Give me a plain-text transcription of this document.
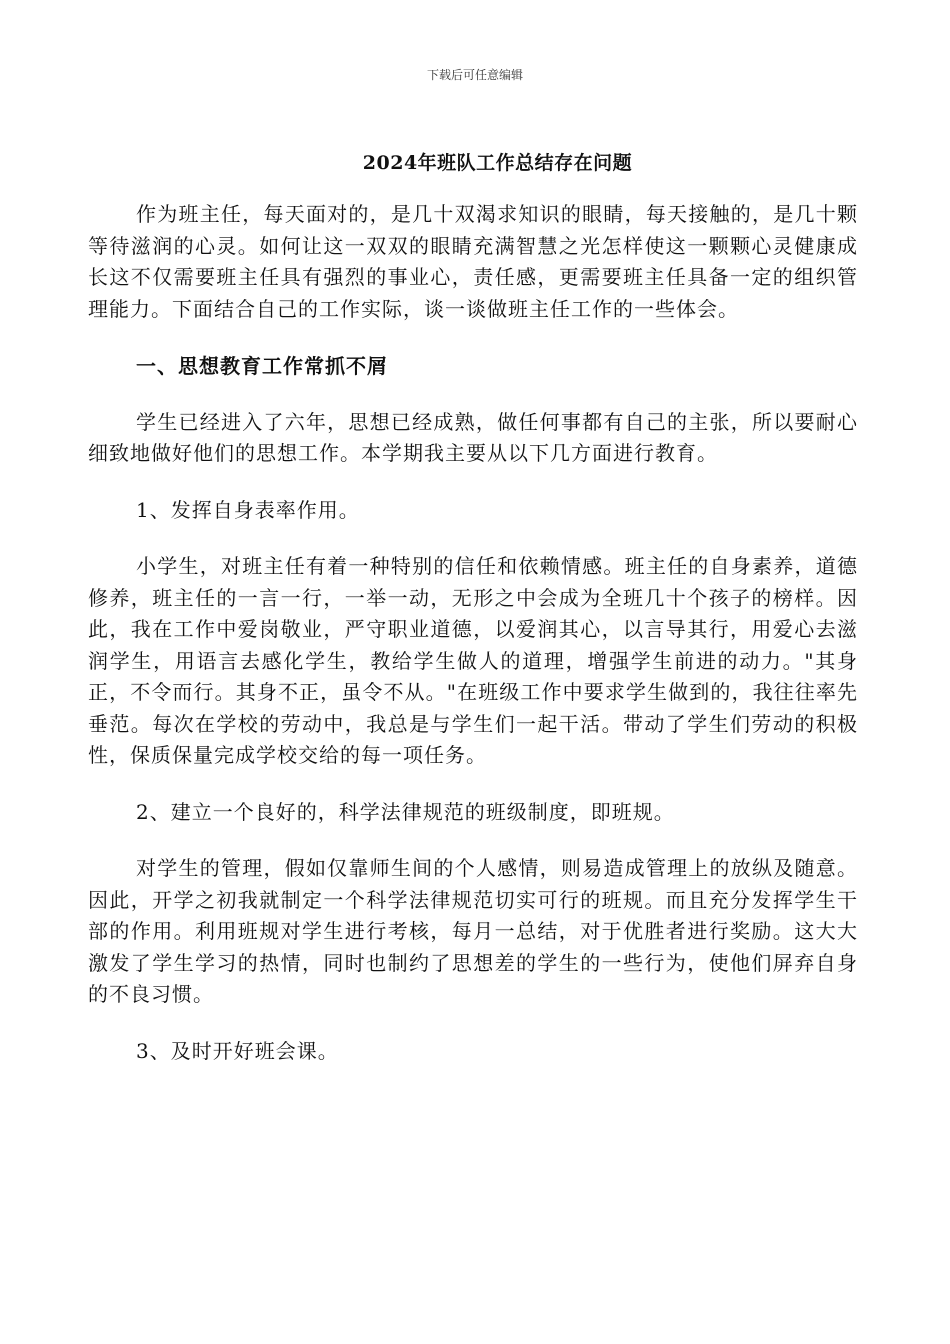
下载后可任意编辑
2024年班队工作总结存在问题

作为班主任，每天面对的，是几十双渴求知识的眼睛，每天接触的，是几十颗等待滋润的心灵。如何让这一双双的眼睛充满智慧之光怎样使这一颗颗心灵健康成长这不仅需要班主任具有强烈的事业心，责任感，更需要班主任具备一定的组织管理能力。下面结合自己的工作实际，谈一谈做班主任工作的一些体会。

一、思想教育工作常抓不屑

学生已经进入了六年，思想已经成熟，做任何事都有自己的主张，所以要耐心细致地做好他们的思想工作。本学期我主要从以下几方面进行教育。

1、发挥自身表率作用。

小学生，对班主任有着一种特别的信任和依赖情感。班主任的自身素养，道德修养，班主任的一言一行，一举一动，无形之中会成为全班几十个孩子的榜样。因此，我在工作中爱岗敬业，严守职业道德，以爱润其心，以言导其行，用爱心去滋润学生，用语言去感化学生，教给学生做人的道理，增强学生前进的动力。"其身正，不令而行。其身不正，虽令不从。"在班级工作中要求学生做到的，我往往率先垂范。每次在学校的劳动中，我总是与学生们一起干活。带动了学生们劳动的积极性，保质保量完成学校交给的每一项任务。

2、建立一个良好的，科学法律规范的班级制度，即班规。

对学生的管理，假如仅靠师生间的个人感情，则易造成管理上的放纵及随意。因此，开学之初我就制定一个科学法律规范切实可行的班规。而且充分发挥学生干部的作用。利用班规对学生进行考核，每月一总结，对于优胜者进行奖励。这大大激发了学生学习的热情，同时也制约了思想差的学生的一些行为，使他们屏弃自身的不良习惯。

3、及时开好班会课。
